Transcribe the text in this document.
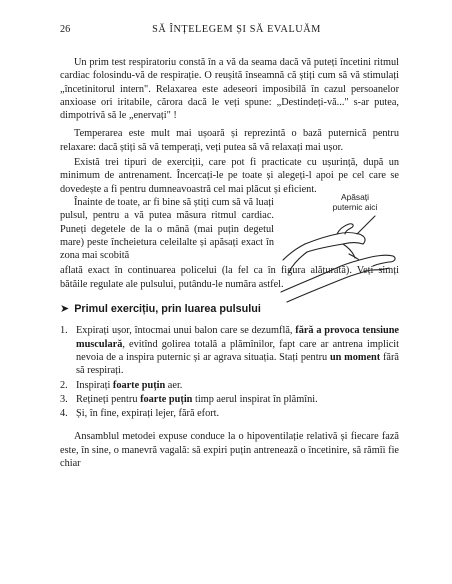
26	SĂ ÎNȚELEGEM ȘI SĂ EVALUĂM

Un prim test respiratoriu constă în a vă da seama dacă vă puteți încetini ritmul cardiac folosindu-vă de respirație. O reușită înseamnă că știți cum să vă stimulați „încetinitorul intern". Relaxarea este adeseori imposibilă în cazul persoanelor anxioase ori iritabile, cărora dacă le veți spune: „Destindeți-vă..." s-ar putea, dimpotrivă să le „enervați" !

Temperarea este mult mai ușoară și reprezintă o bază puternică pentru relaxare: dacă știți să vă temperați, veți putea să vă relaxați mai ușor.

Există trei tipuri de exerciții, care pot fi practicate cu ușurință, după un minimum de antrenament. Încercați-le pe toate și alegeți-l apoi pe cel care se dovedește a fi pentru dumneavoastră cel mai plăcut și eficient.

Înainte de toate, ar fi bine să știți cum să vă luați pulsul, pentru a vă putea măsura ritmul cardiac. Puneți degetele de la o mână (mai puțin degetul mare) peste încheietura celeilalte și apăsați exact în zona mai scobită

aflată exact în continuarea policelui (la fel ca în figura alăturată). Veți simți bătăile regulate ale pulsului, putându-le număra astfel.

Apăsați
puternic aici
➤ Primul exercițiu, prin luarea pulsului
1. Expirați ușor, întocmai unui balon care se dezumflă, fără a provoca tensiune musculară, evitînd golirea totală a plămînilor, fapt care ar antrena implicit nevoia de a inspira puternic și ar agrava situația. Stați pentru un moment fără să respirați.
2. Inspirați foarte puțin aer.
3. Rețineți pentru foarte puțin timp aerul inspirat în plămîni.
4. Și, în fine, expirați lejer, fără efort.

Ansamblul metodei expuse conduce la o hipoventilație relativă și fiecare fază este, în sine, o manevră vagală: să expiri puțin antrenează o încetinire, să rămîi fie chiar
